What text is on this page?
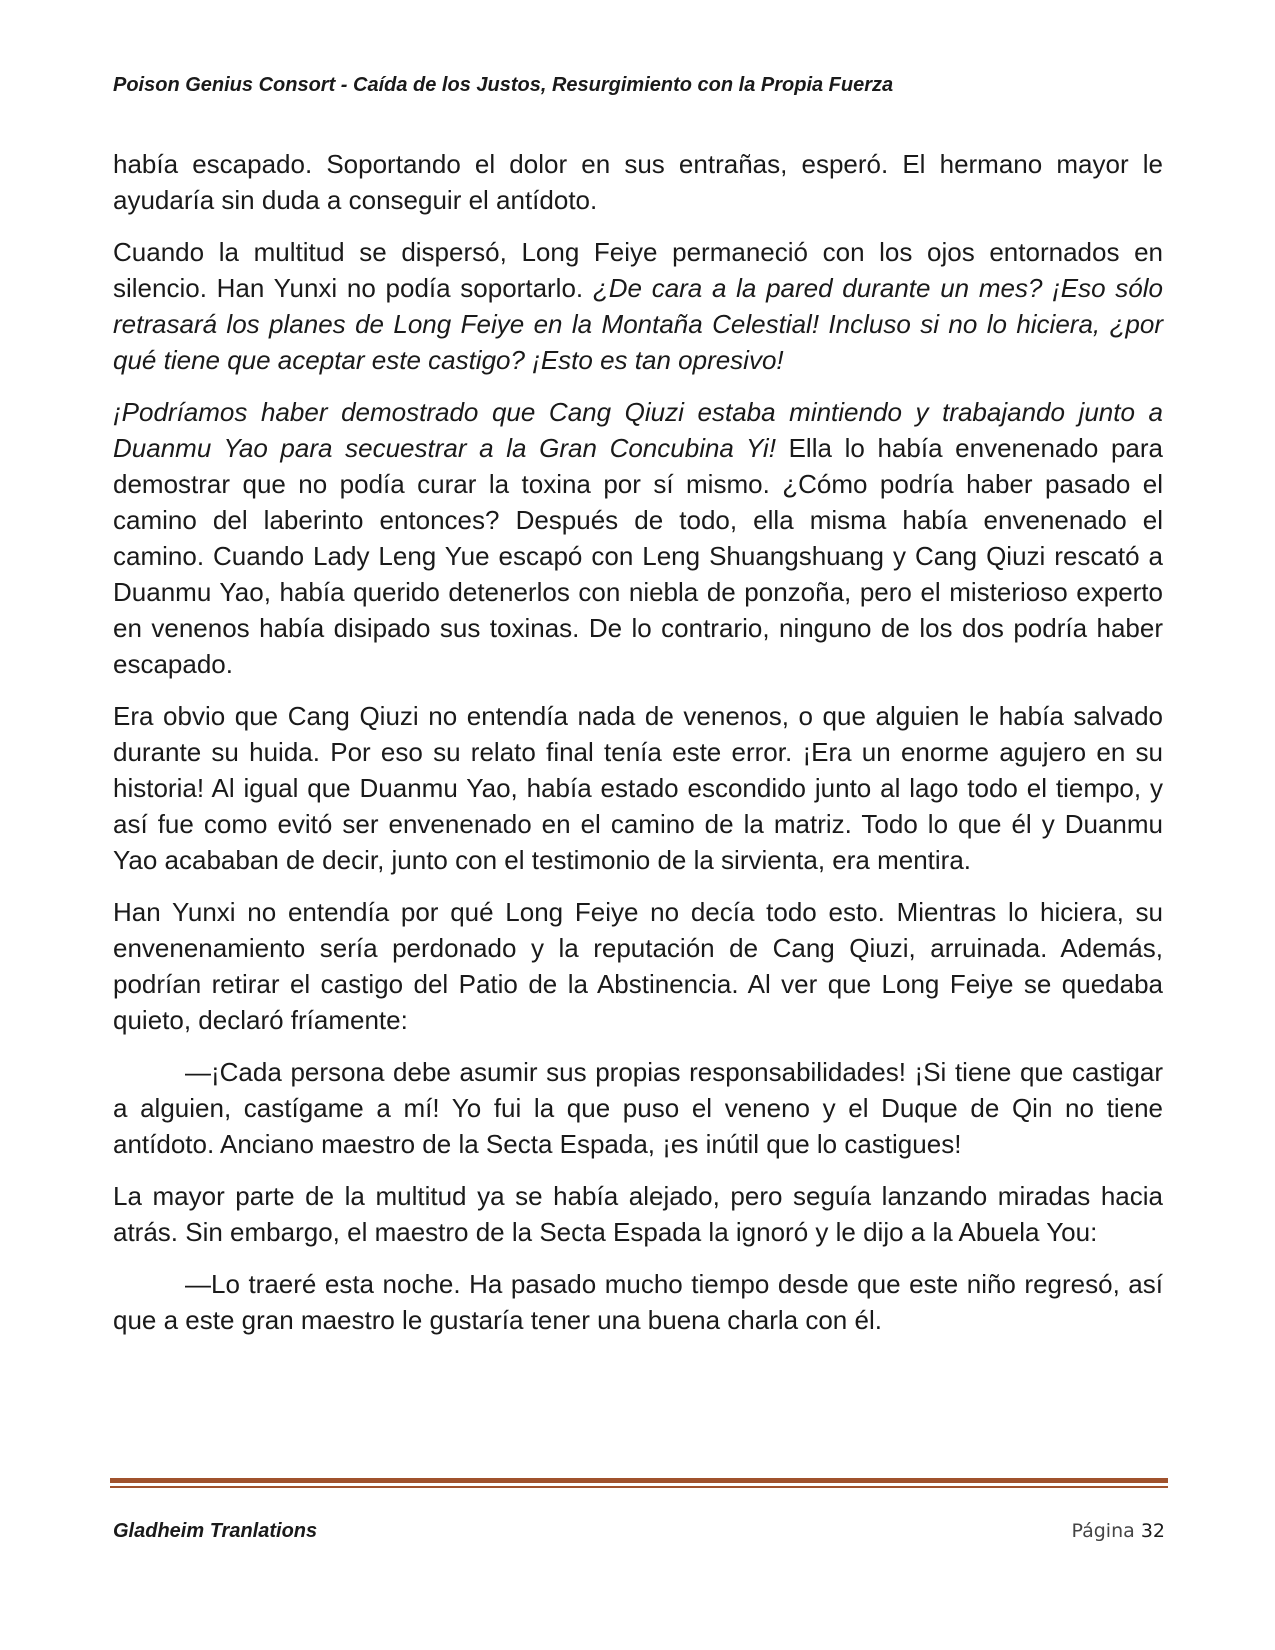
Poison Genius Consort - Caída de los Justos, Resurgimiento con la Propia Fuerza

había escapado. Soportando el dolor en sus entrañas, esperó. El hermano mayor le ayudaría sin duda a conseguir el antídoto.

Cuando la multitud se dispersó, Long Feiye permaneció con los ojos entornados en silencio. Han Yunxi no podía soportarlo. ¿De cara a la pared durante un mes? ¡Eso sólo retrasará los planes de Long Feiye en la Montaña Celestial! Incluso si no lo hiciera, ¿por qué tiene que aceptar este castigo? ¡Esto es tan opresivo!

¡Podríamos haber demostrado que Cang Qiuzi estaba mintiendo y trabajando junto a Duanmu Yao para secuestrar a la Gran Concubina Yi! Ella lo había envenenado para demostrar que no podía curar la toxina por sí mismo. ¿Cómo podría haber pasado el camino del laberinto entonces? Después de todo, ella misma había envenenado el camino. Cuando Lady Leng Yue escapó con Leng Shuangshuang y Cang Qiuzi rescató a Duanmu Yao, había querido detenerlos con niebla de ponzoña, pero el misterioso experto en venenos había disipado sus toxinas. De lo contrario, ninguno de los dos podría haber escapado.

Era obvio que Cang Qiuzi no entendía nada de venenos, o que alguien le había salvado durante su huida. Por eso su relato final tenía este error. ¡Era un enorme agujero en su historia! Al igual que Duanmu Yao, había estado escondido junto al lago todo el tiempo, y así fue como evitó ser envenenado en el camino de la matriz. Todo lo que él y Duanmu Yao acababan de decir, junto con el testimonio de la sirvienta, era mentira.

Han Yunxi no entendía por qué Long Feiye no decía todo esto. Mientras lo hiciera, su envenenamiento sería perdonado y la reputación de Cang Qiuzi, arruinada. Además, podrían retirar el castigo del Patio de la Abstinencia. Al ver que Long Feiye se quedaba quieto, declaró fríamente:

—¡Cada persona debe asumir sus propias responsabilidades! ¡Si tiene que castigar a alguien, castígame a mí! Yo fui la que puso el veneno y el Duque de Qin no tiene antídoto. Anciano maestro de la Secta Espada, ¡es inútil que lo castigues!

La mayor parte de la multitud ya se había alejado, pero seguía lanzando miradas hacia atrás. Sin embargo, el maestro de la Secta Espada la ignoró y le dijo a la Abuela You:

—Lo traeré esta noche. Ha pasado mucho tiempo desde que este niño regresó, así que a este gran maestro le gustaría tener una buena charla con él.

Gladheim Tranlations	Página 32
